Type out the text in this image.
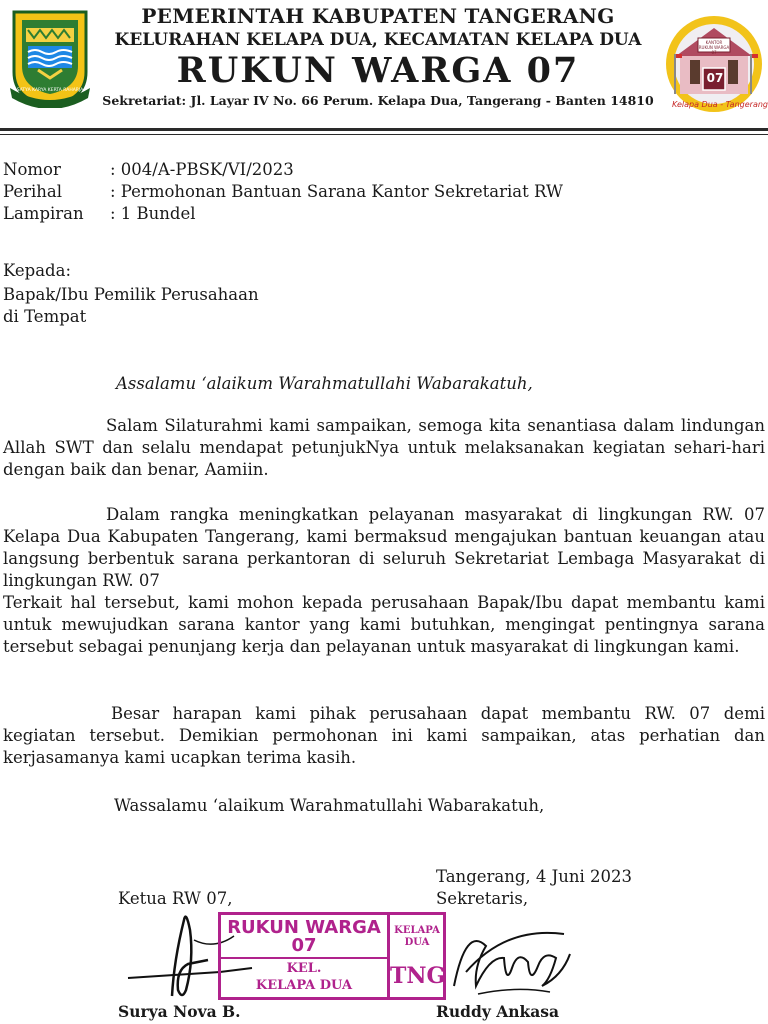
SATYA KARYA KERTA RAHARJA
PEMERINTAH KABUPATEN TANGERANG
KELURAHAN KELAPA DUA, KECAMATAN KELAPA DUA
RUKUN WARGA 07
Sekretariat: Jl. Layar IV No. 66 Perum. Kelapa Dua, Tangerang - Banten 14810
KANTOR RUKUN WARGA 07
07
Kelapa Dua - Tangerang
Nomor	: 004/A-PBSK/VI/2023
Perihal	: Permohonan Bantuan Sarana Kantor Sekretariat RW
Lampiran : 1 Bundel
Kepada:
Bapak/Ibu Pemilik Perusahaan
di Tempat
Assalamu ‘alaikum Warahmatullahi Wabarakatuh,
Salam Silaturahmi kami sampaikan, semoga kita senantiasa dalam lindungan Allah SWT dan selalu mendapat petunjukNya untuk melaksanakan kegiatan sehari-hari dengan baik dan benar, Aamiin.
Dalam rangka meningkatkan pelayanan masyarakat di lingkungan RW. 07 Kelapa Dua Kabupaten Tangerang, kami bermaksud mengajukan bantuan keuangan atau langsung berbentuk sarana perkantoran di seluruh Sekretariat Lembaga Masyarakat di lingkungan RW. 07
Terkait hal tersebut, kami mohon kepada perusahaan Bapak/Ibu dapat membantu kami untuk mewujudkan sarana kantor yang kami butuhkan, mengingat pentingnya sarana tersebut sebagai penunjang kerja dan pelayanan untuk masyarakat di lingkungan kami.
Besar harapan kami pihak perusahaan dapat membantu RW. 07 demi kegiatan tersebut. Demikian permohonan ini kami sampaikan, atas perhatian dan kerjasamanya kami ucapkan terima kasih.
Wassalamu ‘alaikum Warahmatullahi Wabarakatuh,
Tangerang, 4 Juni 2023
Ketua RW 07,	Sekretaris,
RUKUN WARGA
07
KEL.
KELAPA DUA
KELAPA
DUA
TNG
Surya Nova B.	Ruddy Ankasa
